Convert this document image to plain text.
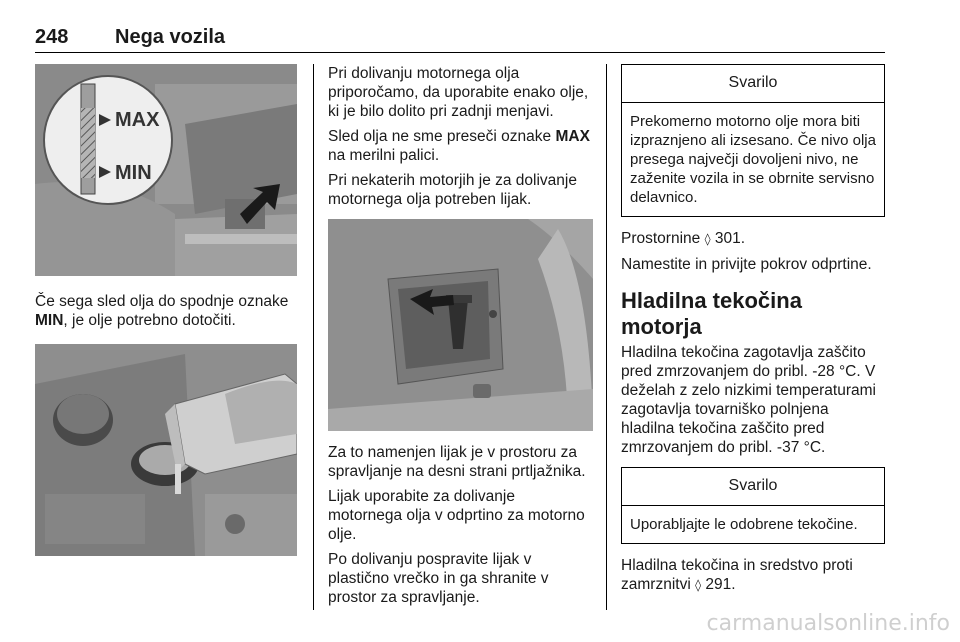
248 Nega vozila
MAX
MIN

Če sega sled olja do spodnje oznake MIN, je olje potrebno dotočiti.

Pri dolivanju motornega olja priporočamo, da uporabite enako olje, ki je bilo dolito pri zadnji menjavi.

Sled olja ne sme preseči oznake MAX na merilni palici.

Pri nekaterih motorjih je za dolivanje motornega olja potreben lijak.

Za to namenjen lijak je v prostoru za spravljanje na desni strani prtljažnika.

Lijak uporabite za dolivanje motornega olja v odprtino za motorno olje.

Po dolivanju pospravite lijak v plastično vrečko in ga shranite v prostor za spravljanje.

Svarilo
Prekomerno motorno olje mora biti izpraznjeno ali izsesano. Če nivo olja presega največji dovoljeni nivo, ne zaženite vozila in se obrnite servisno delavnico.

Prostornine ◊ 301.

Namestite in privijte pokrov odprtine.

Hladilna tekočina motorja

Hladilna tekočina zagotavlja zaščito pred zmrzovanjem do pribl. -28 °C. V deželah z zelo nizkimi temperaturami zagotavlja tovarniško polnjena hladilna tekočina zaščito pred zmrzovanjem do pribl. -37 °C.

Svarilo
Uporabljajte le odobrene tekočine.

Hladilna tekočina in sredstvo proti zamrznitvi ◊ 291.

carmanualsonline.info
